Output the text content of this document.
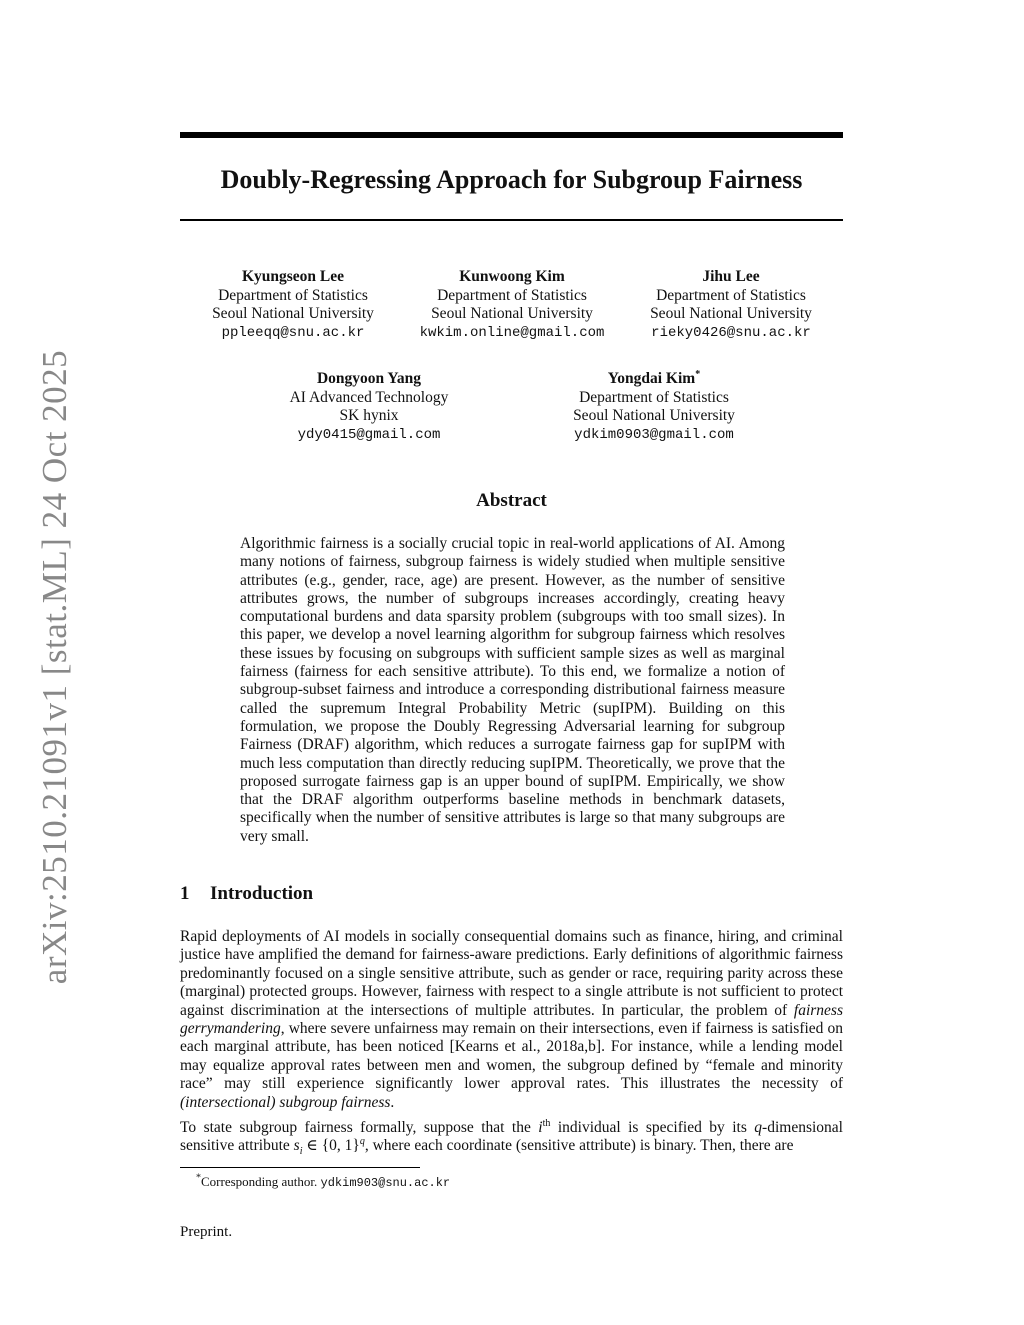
arXiv:2510.21091v1 [stat.ML] 24 Oct 2025
Doubly-Regressing Approach for Subgroup Fairness
Kyungseon Lee
Department of Statistics
Seoul National University
ppleeqq@snu.ac.kr
Kunwoong Kim
Department of Statistics
Seoul National University
kwkim.online@gmail.com
Jihu Lee
Department of Statistics
Seoul National University
rieky0426@snu.ac.kr
Dongyoon Yang
AI Advanced Technology
SK hynix
ydy0415@gmail.com
Yongdai Kim*
Department of Statistics
Seoul National University
ydkim0903@gmail.com
Abstract

Algorithmic fairness is a socially crucial topic in real-world applications of AI. Among many notions of fairness, subgroup fairness is widely studied when multiple sensitive attributes (e.g., gender, race, age) are present. However, as the number of sensitive attributes grows, the number of subgroups increases accordingly, creating heavy computational burdens and data sparsity problem (subgroups with too small sizes). In this paper, we develop a novel learning algorithm for subgroup fairness which resolves these issues by focusing on subgroups with sufficient sample sizes as well as marginal fairness (fairness for each sensitive attribute). To this end, we formalize a notion of subgroup-subset fairness and introduce a corresponding distributional fairness measure called the supremum Integral Probability Metric (supIPM). Building on this formulation, we propose the Doubly Regressing Adversarial learning for subgroup Fairness (DRAF) algorithm, which reduces a surrogate fairness gap for supIPM with much less computation than directly reducing supIPM. Theoretically, we prove that the proposed surrogate fairness gap is an upper bound of supIPM. Empirically, we show that the DRAF algorithm outperforms baseline methods in benchmark datasets, specifically when the number of sensitive attributes is large so that many subgroups are very small.

1 Introduction

Rapid deployments of AI models in socially consequential domains such as finance, hiring, and criminal justice have amplified the demand for fairness-aware predictions. Early definitions of algorithmic fairness predominantly focused on a single sensitive attribute, such as gender or race, requiring parity across these (marginal) protected groups. However, fairness with respect to a single attribute is not sufficient to protect against discrimination at the intersections of multiple attributes. In particular, the problem of fairness gerrymandering, where severe unfairness may remain on their intersections, even if fairness is satisfied on each marginal attribute, has been noticed [Kearns et al., 2018a,b]. For instance, while a lending model may equalize approval rates between men and women, the subgroup defined by “female and minority race” may still experience significantly lower approval rates. This illustrates the necessity of (intersectional) subgroup fairness.

To state subgroup fairness formally, suppose that the $i^{th}$ individual is specified by its q-dimensional sensitive attribute $s_i$ ∈ {0, 1}$^q$, where each coordinate (sensitive attribute) is binary. Then, there are

*Corresponding author. ydkim903@snu.ac.kr

Preprint.
